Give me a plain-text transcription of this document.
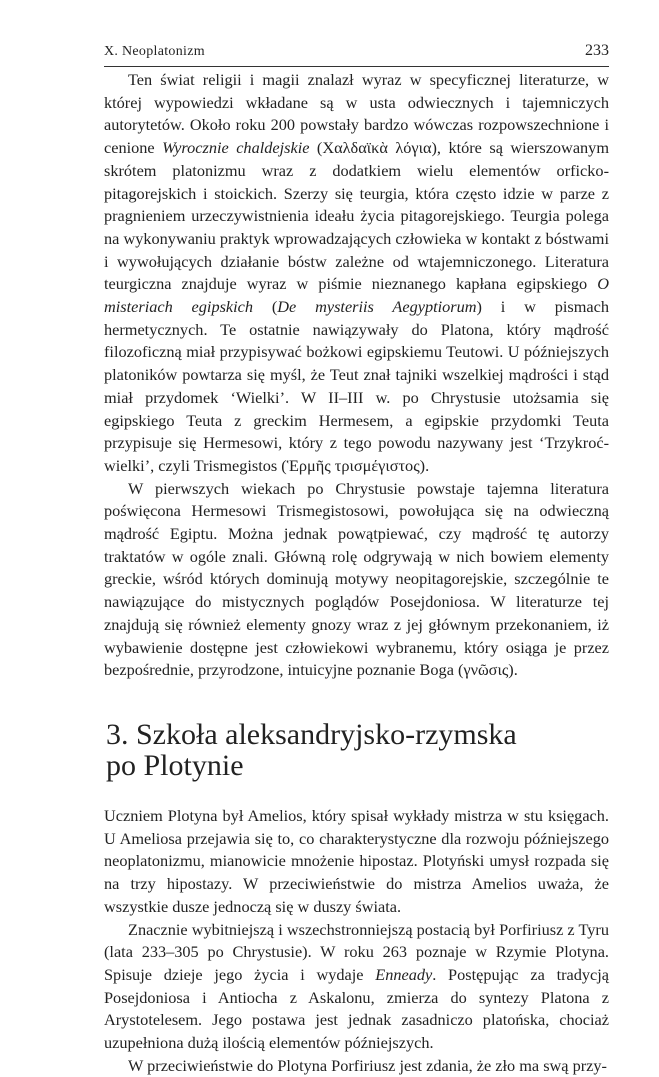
X. Neoplatonizm	233

Ten świat religii i magii znalazł wyraz w specyficznej literaturze, w której wypowiedzi wkładane są w usta odwiecznych i tajemniczych autorytetów. Około roku 200 powstały bardzo wówczas rozpowszechnione i cenione Wyrocznie chaldejskie (Χαλδαϊκὰ λόγια), które są wierszowanym skrótem platonizmu wraz z dodatkiem wielu elementów orficko-pitagorejskich i stoickich. Szerzy się teurgia, która często idzie w parze z pragnieniem urzeczywistnienia ideału życia pitagorejskiego. Teurgia polega na wykonywaniu praktyk wprowadzających człowieka w kontakt z bóstwami i wywołujących działanie bóstw zależne od wtajemniczonego. Literatura teurgiczna znajduje wyraz w piśmie nieznanego kapłana egipskiego O misteriach egipskich (De mysteriis Aegyptiorum) i w pismach hermetycznych. Te ostatnie nawiązywały do Platona, który mądrość filozoficzną miał przypisywać bożkowi egipskiemu Teutowi. U późniejszych platoników powtarza się myśl, że Teut znał tajniki wszelkiej mądrości i stąd miał przydomek ‘Wielki’. W II–III w. po Chrystusie utożsamia się egipskiego Teuta z greckim Hermesem, a egipskie przydomki Teuta przypisuje się Hermesowi, który z tego powodu nazywany jest ‘Trzykroć-wielki’, czyli Trismegistos (Ἑρμῆς τρισμέγιστος).

W pierwszych wiekach po Chrystusie powstaje tajemna literatura poświęcona Hermesowi Trismegistosowi, powołująca się na odwieczną mądrość Egiptu. Można jednak powątpiewać, czy mądrość tę autorzy traktatów w ogóle znali. Główną rolę odgrywają w nich bowiem elementy greckie, wśród których dominują motywy neopitagorejskie, szczególnie te nawiązujące do mistycznych poglądów Posejdoniosa. W literaturze tej znajdują się również elementy gnozy wraz z jej głównym przekonaniem, iż wybawienie dostępne jest człowiekowi wybranemu, który osiąga je przez bezpośrednie, przyrodzone, intuicyjne poznanie Boga (γνῶσις).

3. Szkoła aleksandryjsko-rzymska
po Plotynie

Uczniem Plotyna był Amelios, który spisał wykłady mistrza w stu księgach. U Ameliosa przejawia się to, co charakterystyczne dla rozwoju późniejszego neoplatonizmu, mianowicie mnożenie hipostaz. Plotyński umysł rozpada się na trzy hipostazy. W przeciwieństwie do mistrza Amelios uważa, że wszystkie dusze jednoczą się w duszy świata.

Znacznie wybitniejszą i wszechstronniejszą postacią był Porfiriusz z Tyru (lata 233–305 po Chrystusie). W roku 263 poznaje w Rzymie Plotyna. Spisuje dzieje jego życia i wydaje Enneady. Postępując za tradycją Posejdoniosa i Antiocha z Askalonu, zmierza do syntezy Platona z Arystotelesem. Jego postawa jest jednak zasadniczo platońska, chociaż uzupełniona dużą ilością elementów późniejszych.

W przeciwieństwie do Plotyna Porfiriusz jest zdania, że zło ma swą przy-
